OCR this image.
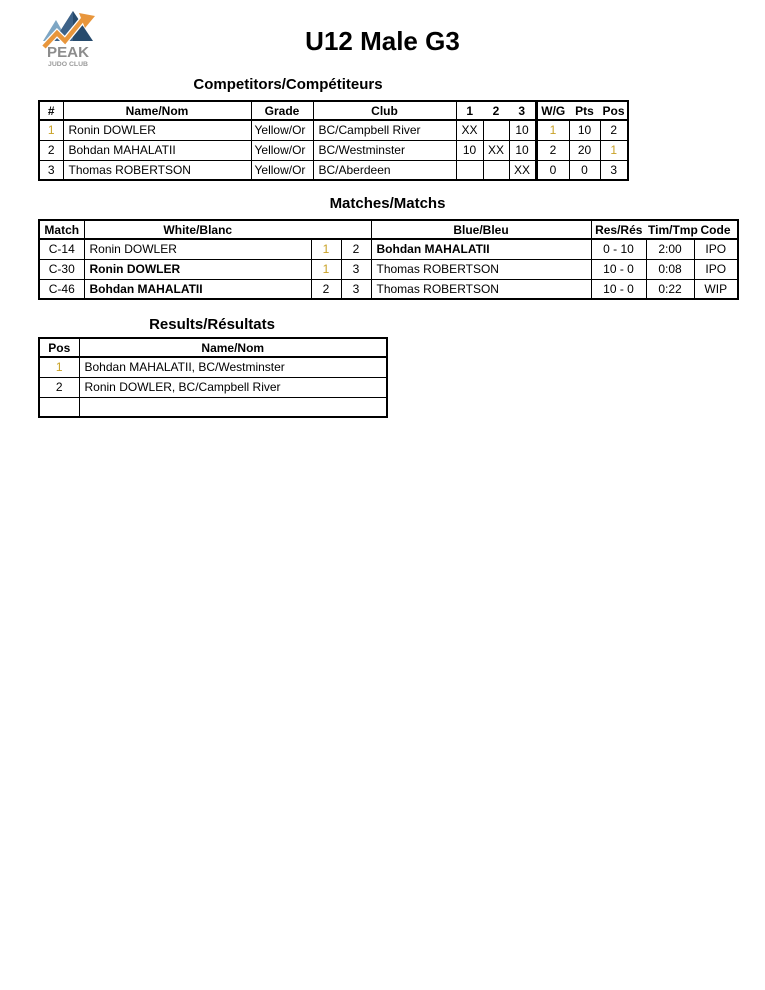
PEAK
JUDO CLUB
U12 Male G3
Competitors/Compétiteurs
#	Name/Nom	Grade	Club	1	2	3	W/G	Pts	Pos
1	Ronin DOWLER	Yellow/Or	BC/Campbell River	XX		10	1	10	2
2	Bohdan MAHALATII	Yellow/Or	BC/Westminster	10	XX	10	2	20	1
3	Thomas ROBERTSON	Yellow/Or	BC/Aberdeen			XX	0	0	3
Matches/Matchs
Match	White/Blanc			Blue/Bleu	Res/Rés	Tim/Tmp	Code
C-14	Ronin DOWLER	1	2	Bohdan MAHALATII	0 - 10	2:00	IPO
C-30	Ronin DOWLER	1	3	Thomas ROBERTSON	10 - 0	0:08	IPO
C-46	Bohdan MAHALATII	2	3	Thomas ROBERTSON	10 - 0	0:22	WIP
Results/Résultats
Pos	Name/Nom
1	Bohdan MAHALATII, BC/Westminster
2	Ronin DOWLER, BC/Campbell River
